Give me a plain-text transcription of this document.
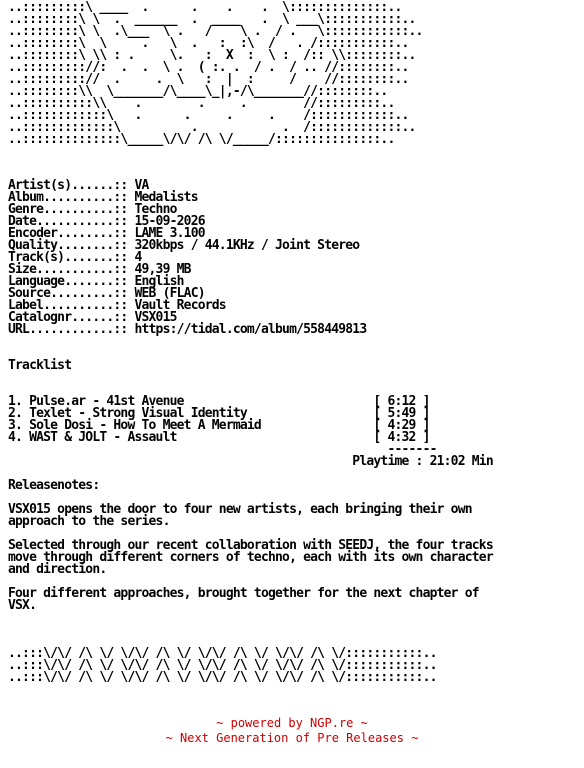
..:::::::::\ ____  .      .    .    .  \::::::::::::::..
..::::::::\ \  .  ______  .  ____   .  \ ___\:::::::::::..
..::::::::\ \  .\___  \ .   /    \ .  / .   \::::::::::::..
..::::::::\  \     .   \  .   :  :\  /   . /:::::::::::..
..::::::::\ \\ : .     \.   :  X  :  \ :  /:: \\::::::::..
..::::::::://:  .  .  \ .  ( :. .  / .  / .. //::::::::..
..::::::::://  .     .  \   :  |  :     /    //::::::::..
..::::::::\\  \_______/\____\_|,-/\_______//::::::::..
..::::::::::\\    .        .     .        //:::::::::..
..::::::::::::\   .      .     .     .    /::::::::::::..
..:::::::::::::\          .            .  /:::::::::::::..
..::::::::::::::\_____\/\/ /\ \/_____/:::::::::::::::..
Artist(s)......:: VA
Album..........:: Medalists
Genre..........:: Techno
Date...........:: 15-09-2026
Encoder........:: LAME 3.100
Quality........:: 320kbps / 44.1KHz / Joint Stereo
Track(s).......:: 4
Size...........:: 49,39 MB
Language.......:: English
Source.........:: WEB (FLAC)
Label..........:: Vault Records
Catalognr......:: VSX015
URL............:: https://tidal.com/album/558449813
Tracklist

1. Pulse.ar - 41st Avenue                           [ 6:12 ]
2. Texlet - Strong Visual Identity                  [ 5:49 ]
3. Sole Dosi - How To Meet A Mermaid                [ 4:29 ]
4. WAST & JOLT - Assault                            [ 4:32 ]
-------
Playtime : 21:02 Min
Releasenotes:

VSX015 opens the door to four new artists, each bringing their own
approach to the series.

Selected through our recent collaboration with SEEDJ, the four tracks
move through different corners of techno, each with its own character
and direction.

Four different approaches, brought together for the next chapter of
VSX.
..:::\/\/ /\ \/ \/\/ /\ \/ \/\/ /\ \/ \/\/ /\ \/:::::::::::..
..:::\/\/ /\ \/ \/\/ /\ \/ \/\/ /\ \/ \/\/ /\ \/:::::::::::..
..:::\/\/ /\ \/ \/\/ /\ \/ \/\/ /\ \/ \/\/ /\ \/:::::::::::..
~ powered by NGP.re ~
~ Next Generation of Pre Releases ~
